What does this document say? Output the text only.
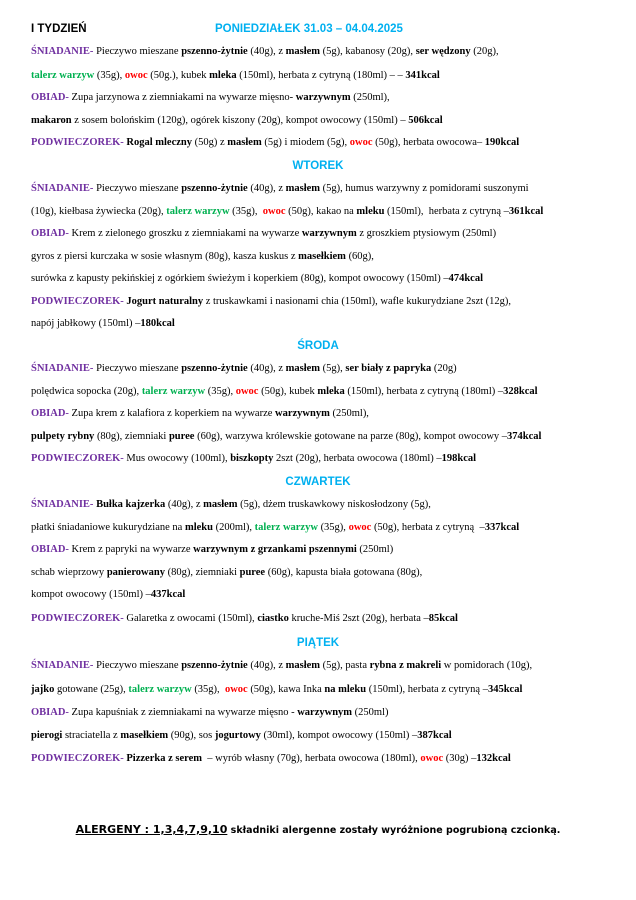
I TYDZIEŃ	PONIEDZIAŁEK 31.03 – 04.04.2025
ŚNIADANIE- Pieczywo mieszane pszenno-żytnie (40g), z masłem (5g), kabanosy (20g), ser wędzony (20g),
talerz warzyw (35g), owoc (50g.), kubek mleka (150ml), herbata z cytryną (180ml) – – 341kcal
OBIAD- Zupa jarzynowa z ziemniakami na wywarze mięsno- warzywnym (250ml),
makaron z sosem bolońskim (120g), ogórek kiszony (20g), kompot owocowy (150ml) – 506kcal
PODWIECZOREK- Rogal mleczny (50g) z masłem (5g) i miodem (5g), owoc (50g), herbata owocowa– 190kcal
WTOREK
ŚNIADANIE- Pieczywo mieszane pszenno-żytnie (40g), z masłem (5g), humus warzywny z pomidorami suszonymi
(10g), kiełbasa żywiecka (20g), talerz warzyw (35g),  owoc (50g), kakao na mleku (150ml),  herbata z cytryną –361kcal
OBIAD- Krem z zielonego groszku z ziemniakami na wywarze warzywnym z groszkiem ptysiowym (250ml)
gyros z piersi kurczaka w sosie własnym (80g), kasza kuskus z masełkiem (60g),
surówka z kapusty pekińskiej z ogórkiem świeżym i koperkiem (80g), kompot owocowy (150ml) –474kcal
PODWIECZOREK- Jogurt naturalny z truskawkami i nasionami chia (150ml), wafle kukurydziane 2szt (12g),
napój jabłkowy (150ml) –180kcal
ŚRODA
ŚNIADANIE- Pieczywo mieszane pszenno-żytnie (40g), z masłem (5g), ser biały z papryka (20g)
polędwica sopocka (20g), talerz warzyw (35g), owoc (50g), kubek mleka (150ml), herbata z cytryną (180ml) –328kcal
OBIAD- Zupa krem z kalafiora z koperkiem na wywarze warzywnym (250ml),
pulpety rybny (80g), ziemniaki puree (60g), warzywa królewskie gotowane na parze (80g), kompot owocowy –374kcal
PODWIECZOREK- Mus owocowy (100ml), biszkopty 2szt (20g), herbata owocowa (180ml) –198kcal
CZWARTEK
ŚNIADANIE- Bułka kajzerka (40g), z masłem (5g), dżem truskawkowy niskosłodzony (5g),
płatki śniadaniowe kukurydziane na mleku (200ml), talerz warzyw (35g), owoc (50g), herbata z cytryną  –337kcal
OBIAD- Krem z papryki na wywarze warzywnym z grzankami pszennymi (250ml)
schab wieprzowy panierowany (80g), ziemniaki puree (60g), kapusta biała gotowana (80g),
kompot owocowy (150ml) –437kcal
PODWIECZOREK- Galaretka z owocami (150ml), ciastko kruche-Miś 2szt (20g), herbata –85kcal
PIĄTEK
ŚNIADANIE- Pieczywo mieszane pszenno-żytnie (40g), z masłem (5g), pasta rybna z makreli w pomidorach (10g),
jajko gotowane (25g), talerz warzyw (35g),  owoc (50g), kawa Inka na mleku (150ml), herbata z cytryną –345kcal
OBIAD- Zupa kapuśniak z ziemniakami na wywarze mięsno - warzywnym (250ml)
pierogi straciatella z masełkiem (90g), sos jogurtowy (30ml), kompot owocowy (150ml) –387kcal
PODWIECZOREK- Pizzerka z serem  – wyrób własny (70g), herbata owocowa (180ml), owoc (30g) –132kcal
ALERGENY : 1,3,4,7,9,10 składniki alergenne zostały wyróżnione pogrubioną czcionką.
